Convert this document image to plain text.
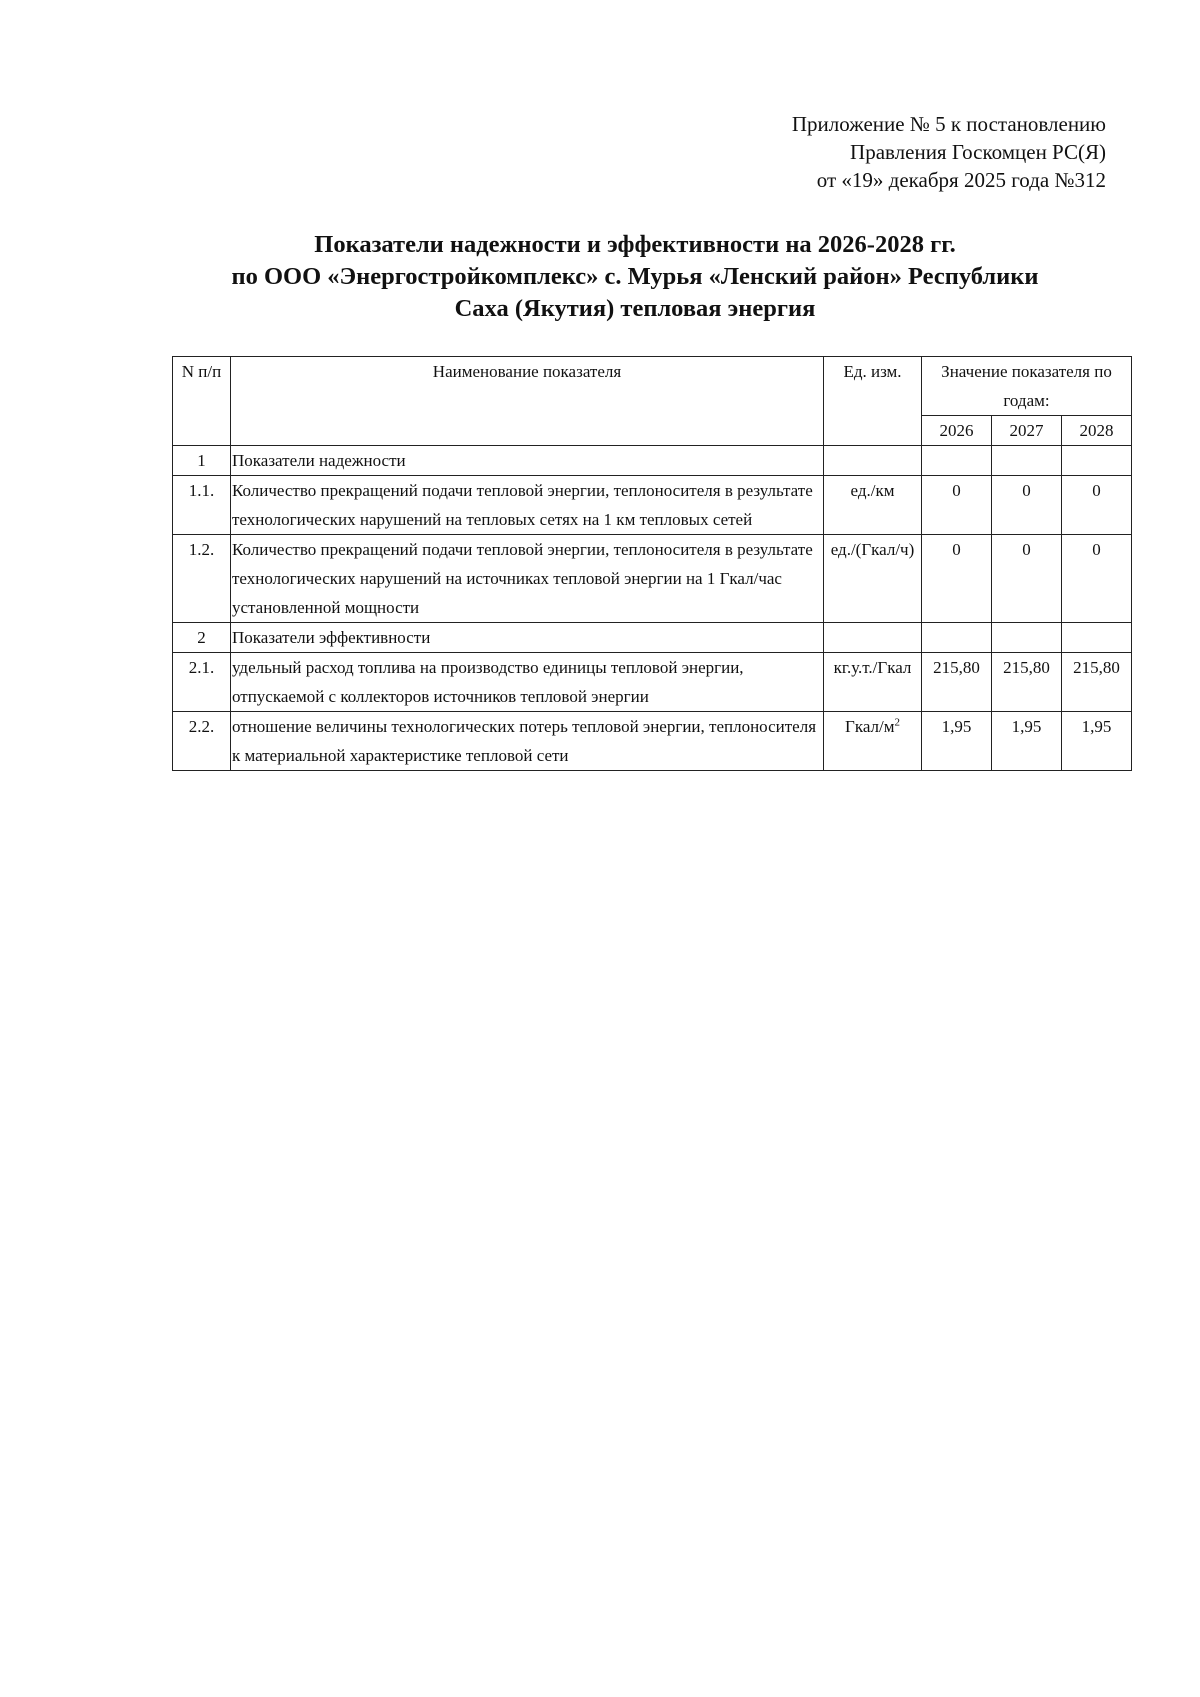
Приложение № 5 к постановлению
Правления Госкомцен РС(Я)
от «19» декабря 2025 года №312
Показатели надежности и эффективности на 2026-2028 гг.
по ООО «Энергостройкомплекс» с. Мурья «Ленский район» Республики
Саха (Якутия) тепловая энергия
N п/п	Наименование показателя	Ед. изм.	Значение показателя по годам:		
			2026	2027	2028
1	Показатели надежности				
1.1.	Количество прекращений подачи тепловой энергии, теплоносителя в результате технологических нарушений на тепловых сетях на 1 км тепловых сетей	ед./км	0	0	0
1.2.	Количество прекращений подачи тепловой энергии, теплоносителя в результате технологических нарушений на источниках тепловой энергии на 1 Гкал/час установленной мощности	ед./(Гкал/ч)	0	0	0
2	Показатели эффективности				
2.1.	удельный расход топлива на производство единицы тепловой энергии, отпускаемой с коллекторов источников тепловой энергии	кг.у.т./Гкал	215,80	215,80	215,80
2.2.	отношение величины технологических потерь тепловой энергии, теплоносителя к материальной характеристике тепловой сети	Гкал/$м^2$	1,95	1,95	1,95
